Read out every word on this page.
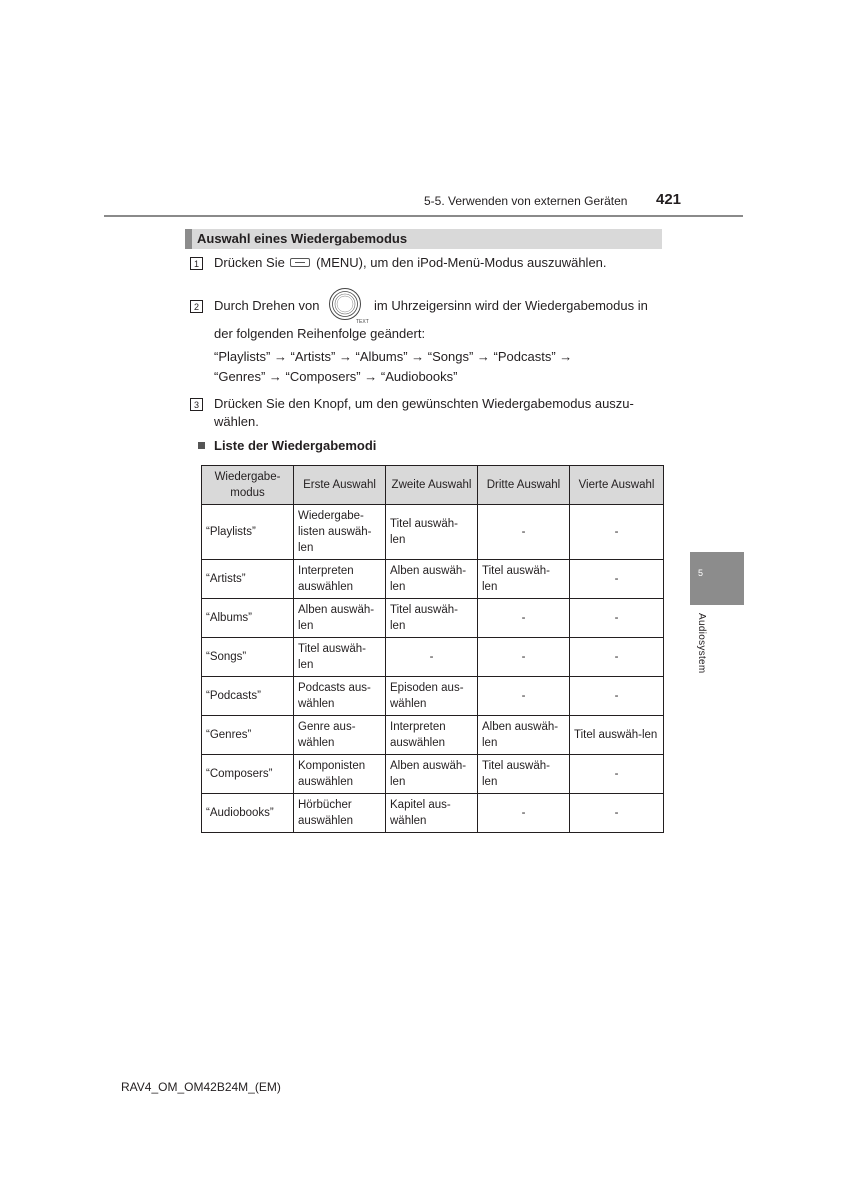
5-5. Verwenden von externen Geräten 421
Auswahl eines Wiedergabemodus
1	Drücken Sie (MENU), um den iPod-Menü-Modus auszuwählen.
2	Durch Drehen von
TEXT
im Uhrzeigersinn wird der Wiedergabemodus in
der folgenden Reihenfolge geändert:
“Playlists” → “Artists” → “Albums” → “Songs” → “Podcasts” →
“Genres” → “Composers” → “Audiobooks”
3	Drücken Sie den Knopf, um den gewünschten Wiedergabemodus auszu-
wählen.
Liste der Wiedergabemodi
Wiedergabe-modus	Erste Auswahl	Zweite Auswahl	Dritte Auswahl	Vierte Auswahl
“Playlists”	Wiedergabe-listen auswäh-len	Titel auswäh-len	-	-
“Artists”	Interpreten auswählen	Alben auswäh-len	Titel auswäh-len	-
“Albums”	Alben auswäh-len	Titel auswäh-len	-	-
“Songs”	Titel auswäh-len	-	-	-
“Podcasts”	Podcasts aus-wählen	Episoden aus-wählen	-	-
“Genres”	Genre aus-wählen	Interpreten auswählen	Alben auswäh-len	Titel auswäh-len
“Composers”	Komponisten auswählen	Alben auswäh-len	Titel auswäh-len	-
“Audiobooks”	Hörbücher auswählen	Kapitel aus-wählen	-	-
5
Audiosystem
RAV4_OM_OM42B24M_(EM)
